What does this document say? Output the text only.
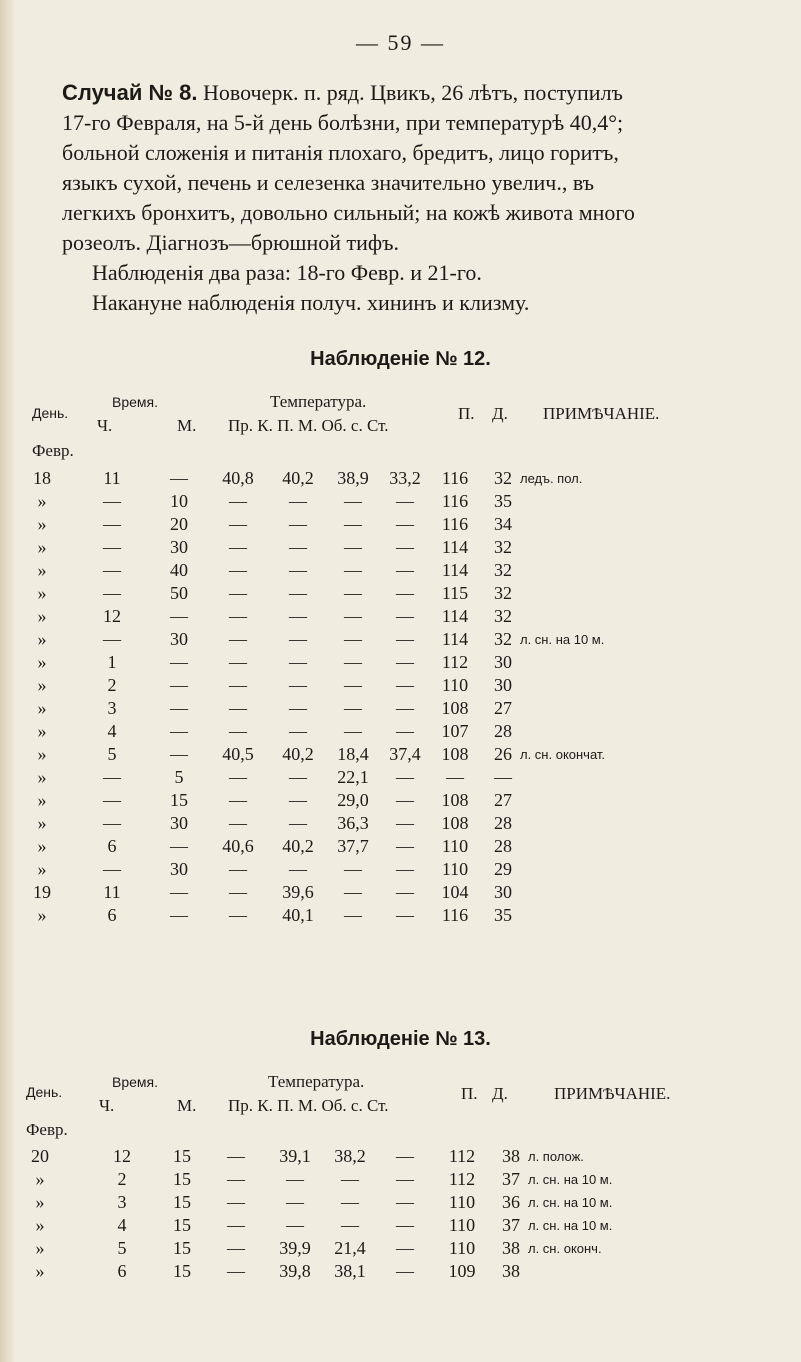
— 59 —
Случай № 8. Новочерк. п. ряд. Цвикъ, 26 лѣтъ, поступилъ
17-го Февраля, на 5-й день болѣзни, при температурѣ 40,4°;
больной сложенія и питанія плохаго, бредитъ, лицо горитъ,
языкъ сухой, печень и селезенка значительно увелич., въ
легкихъ бронхитъ, довольно сильный; на кожѣ живота много
розеолъ. Діагнозъ—брюшной тифъ.
Наблюденія два раза: 18-го Февр. и 21-го.
Накануне наблюденія получ. хининъ и клизму.
Наблюденіе № 12.
День.
Время.
Ч.	М.
Температура.
Пр. К. П. М. Об. с. Ст.
П. Д. ПРИМѢЧАНІЕ.
Февр.
18	11	— 40,8 40,2 38,9 33,2	116	32 ледъ. пол.
»	—	10	—	—	—	—	116	35
»	—	20	—	—	—	—	116	34
»	—	30	—	—	—	—	114	32
»	—	40	—	—	—	—	114	32
»	—	50	—	—	—	—	115	32
»	12	—	—	—	—	—	114	32
»	—	30	—	—	—	—	114	32 л. сн. на 10 м.
»	1	—	—	—	—	—	112	30
»	2	—	—	—	—	—	110	30
»	3	—	—	—	—	—	108	27
»	4	—	—	—	—	—	107	28
»	5	— 40,5 40,2 18,4 37,4	108	26 л. сн. окончат.
»	—	5	—	—	22,1	—	—	—
»	—	15	—	—	29,0	—	108	27
»	—	30	—	—	36,3	—	108	28
»	6	— 40,6 40,2 37,7	—	110	28
»	—	30	—	—	—	—	110	29
19	11	—	—	39,6	—	—	104	30
»	6	—	—	40,1	—	—	116	35
Наблюденіе № 13.
День.
Время.
Ч.	М.
Температура.
Пр. К. П. М. Об. с. Ст.
П. Д.	ПРИМѢЧАНІЕ.
Февр.
20	12 15 — 39,1 38,2 —	112	38 л. полож.
»	2	15 —	—	—	—	112	37 л. сн. на 10 м.
»	3	15 —	—	—	—	110	36 л. сн. на 10 м.
»	4	15 —	—	—	—	110	37 л. сн. на 10 м.
»	5	15 — 39,9 21,4 —	110	38 л. сн. оконч.
»	6	15 — 39,8 38,1 —	109	38
